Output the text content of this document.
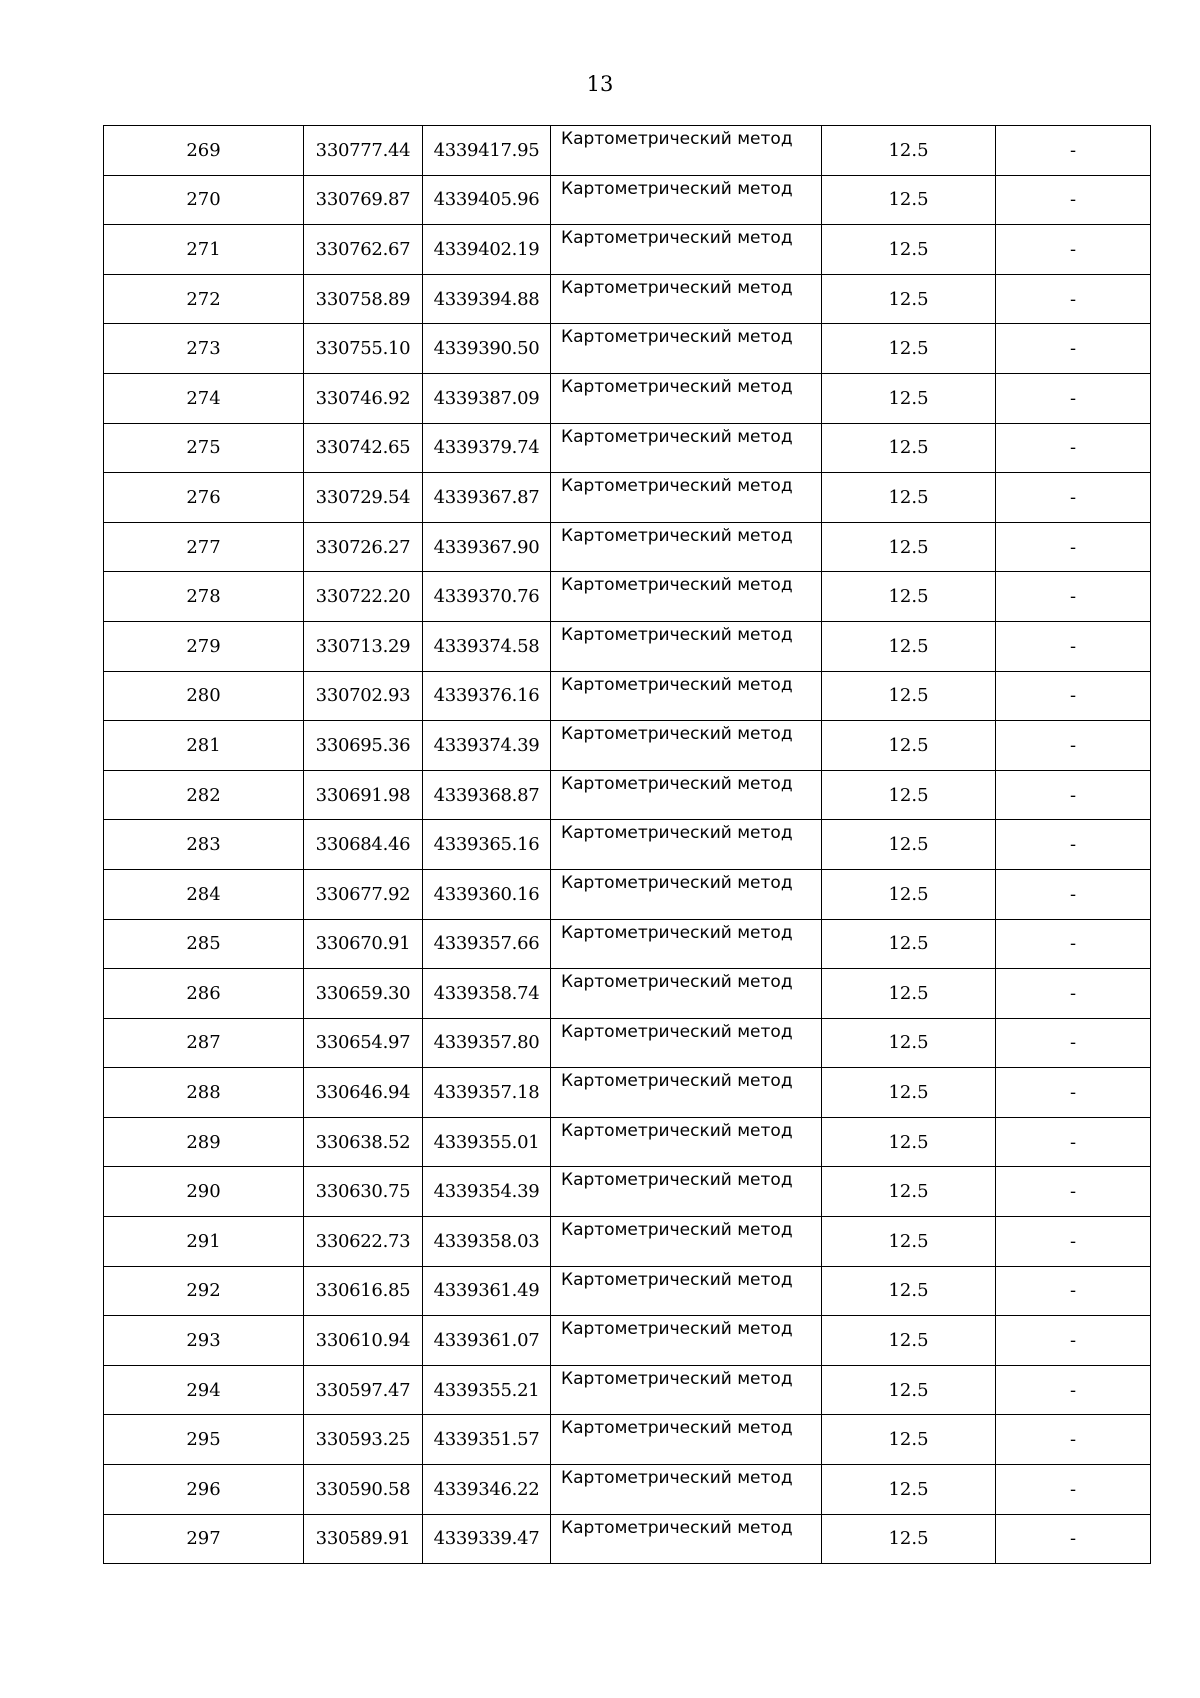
13
269	330777.44	4339417.95	Картометрический метод	12.5	-
270	330769.87	4339405.96	Картометрический метод	12.5	-
271	330762.67	4339402.19	Картометрический метод	12.5	-
272	330758.89	4339394.88	Картометрический метод	12.5	-
273	330755.10	4339390.50	Картометрический метод	12.5	-
274	330746.92	4339387.09	Картометрический метод	12.5	-
275	330742.65	4339379.74	Картометрический метод	12.5	-
276	330729.54	4339367.87	Картометрический метод	12.5	-
277	330726.27	4339367.90	Картометрический метод	12.5	-
278	330722.20	4339370.76	Картометрический метод	12.5	-
279	330713.29	4339374.58	Картометрический метод	12.5	-
280	330702.93	4339376.16	Картометрический метод	12.5	-
281	330695.36	4339374.39	Картометрический метод	12.5	-
282	330691.98	4339368.87	Картометрический метод	12.5	-
283	330684.46	4339365.16	Картометрический метод	12.5	-
284	330677.92	4339360.16	Картометрический метод	12.5	-
285	330670.91	4339357.66	Картометрический метод	12.5	-
286	330659.30	4339358.74	Картометрический метод	12.5	-
287	330654.97	4339357.80	Картометрический метод	12.5	-
288	330646.94	4339357.18	Картометрический метод	12.5	-
289	330638.52	4339355.01	Картометрический метод	12.5	-
290	330630.75	4339354.39	Картометрический метод	12.5	-
291	330622.73	4339358.03	Картометрический метод	12.5	-
292	330616.85	4339361.49	Картометрический метод	12.5	-
293	330610.94	4339361.07	Картометрический метод	12.5	-
294	330597.47	4339355.21	Картометрический метод	12.5	-
295	330593.25	4339351.57	Картометрический метод	12.5	-
296	330590.58	4339346.22	Картометрический метод	12.5	-
297	330589.91	4339339.47	Картометрический метод	12.5	-
